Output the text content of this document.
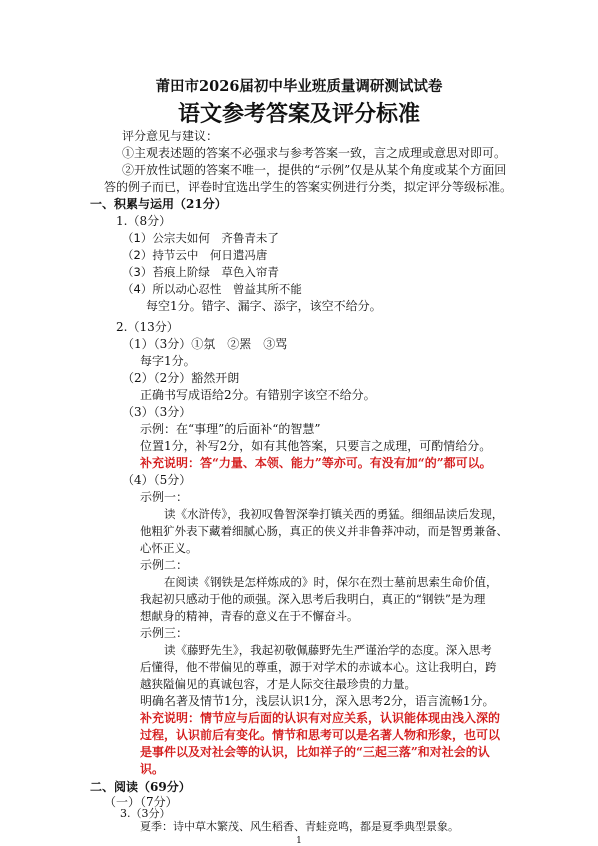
莆田市2026届初中毕业班质量调研测试试卷
语文参考答案及评分标准
评分意见与建议：
①主观表述题的答案不必强求与参考答案一致，言之成理或意思对即可。
②开放性试题的答案不唯一，提供的“示例”仅是从某个角度或某个方面回
答的例子而已，评卷时宜选出学生的答案实例进行分类，拟定评分等级标准。
一、积累与运用（21分）
1.（8分）
（1）公宗夫如何　齐鲁青未了
（2）持节云中　何日遣冯唐
（3）苔痕上阶绿　草色入帘青
（4）所以动心忍性　曾益其所不能
每空1分。错字、漏字、添字，该空不给分。
2.（13分）
（1）（3分）①氛　②罴　③骂
每字1分。
（2）（2分）豁然开朗
正确书写成语给2分。有错别字该空不给分。
（3）（3分）
示例：在“事理”的后面补“的智慧”
位置1分，补写2分，如有其他答案，只要言之成理，可酌情给分。
补充说明：答“力量、本领、能力”等亦可。有没有加“的”都可以。
（4）（5分）
示例一：
读《水浒传》，我初叹鲁智深拳打镇关西的勇猛。细细品读后发现，
他粗犷外表下藏着细腻心肠，真正的侠义并非鲁莽冲动，而是智勇兼备、
心怀正义。
示例二：
在阅读《钢铁是怎样炼成的》时，保尔在烈士墓前思索生命价值，
我起初只感动于他的顽强。深入思考后我明白，真正的“钢铁”是为理
想献身的精神，青春的意义在于不懈奋斗。
示例三：
读《藤野先生》，我起初敬佩藤野先生严谨治学的态度。深入思考
后懂得，他不带偏见的尊重，源于对学术的赤诚本心。这让我明白，跨
越狭隘偏见的真诚包容，才是人际交往最珍贵的力量。
明确名著及情节1分，浅层认识1分，深入思考2分，语言流畅1分。
补充说明：情节应与后面的认识有对应关系，认识能体现由浅入深的
过程，认识前后有变化。情节和思考可以是名著人物和形象，也可以
是事件以及对社会等的认识，比如祥子的“三起三落”和对社会的认
识。
二、阅读（69分）
（一）（7分）
3.（3分）
夏季：诗中草木繁茂、风生稻香、青蛙竞鸣，都是夏季典型景象。
1
